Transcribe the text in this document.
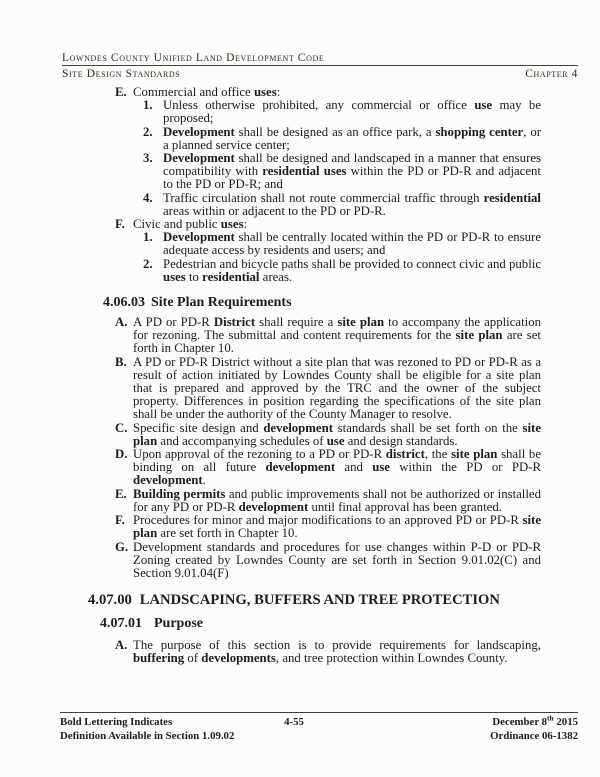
Lowndes County Unified Land Development Code
Site Design Standards	Chapter 4
E. Commercial and office uses:
1. Unless otherwise prohibited, any commercial or office use may be proposed;
2. Development shall be designed as an office park, a shopping center, or a planned service center;
3. Development shall be designed and landscaped in a manner that ensures compatibility with residential uses within the PD or PD-R and adjacent to the PD or PD-R; and
4. Traffic circulation shall not route commercial traffic through residential areas within or adjacent to the PD or PD-R.
F. Civic and public uses:
1. Development shall be centrally located within the PD or PD-R to ensure adequate access by residents and users; and
2. Pedestrian and bicycle paths shall be provided to connect civic and public uses to residential areas.
4.06.03 Site Plan Requirements
A. A PD or PD-R District shall require a site plan to accompany the application for rezoning. The submittal and content requirements for the site plan are set forth in Chapter 10.
B. A PD or PD-R District without a site plan that was rezoned to PD or PD-R as a result of action initiated by Lowndes County shall be eligible for a site plan that is prepared and approved by the TRC and the owner of the subject property. Differences in position regarding the specifications of the site plan shall be under the authority of the County Manager to resolve.
C. Specific site design and development standards shall be set forth on the site plan and accompanying schedules of use and design standards.
D. Upon approval of the rezoning to a PD or PD-R district, the site plan shall be binding on all future development and use within the PD or PD-R development.
E. Building permits and public improvements shall not be authorized or installed for any PD or PD-R development until final approval has been granted.
F. Procedures for minor and major modifications to an approved PD or PD-R site plan are set forth in Chapter 10.
G. Development standards and procedures for use changes within P-D or PD-R Zoning created by Lowndes County are set forth in Section 9.01.02(C) and Section 9.01.04(F)
4.07.00 LANDSCAPING, BUFFERS AND TREE PROTECTION
4.07.01 Purpose
A. The purpose of this section is to provide requirements for landscaping, buffering of developments, and tree protection within Lowndes County.
Bold Lettering Indicates
Definition Available in Section 1.09.02
4-55	December 8th 2015
Ordinance 06-1382
